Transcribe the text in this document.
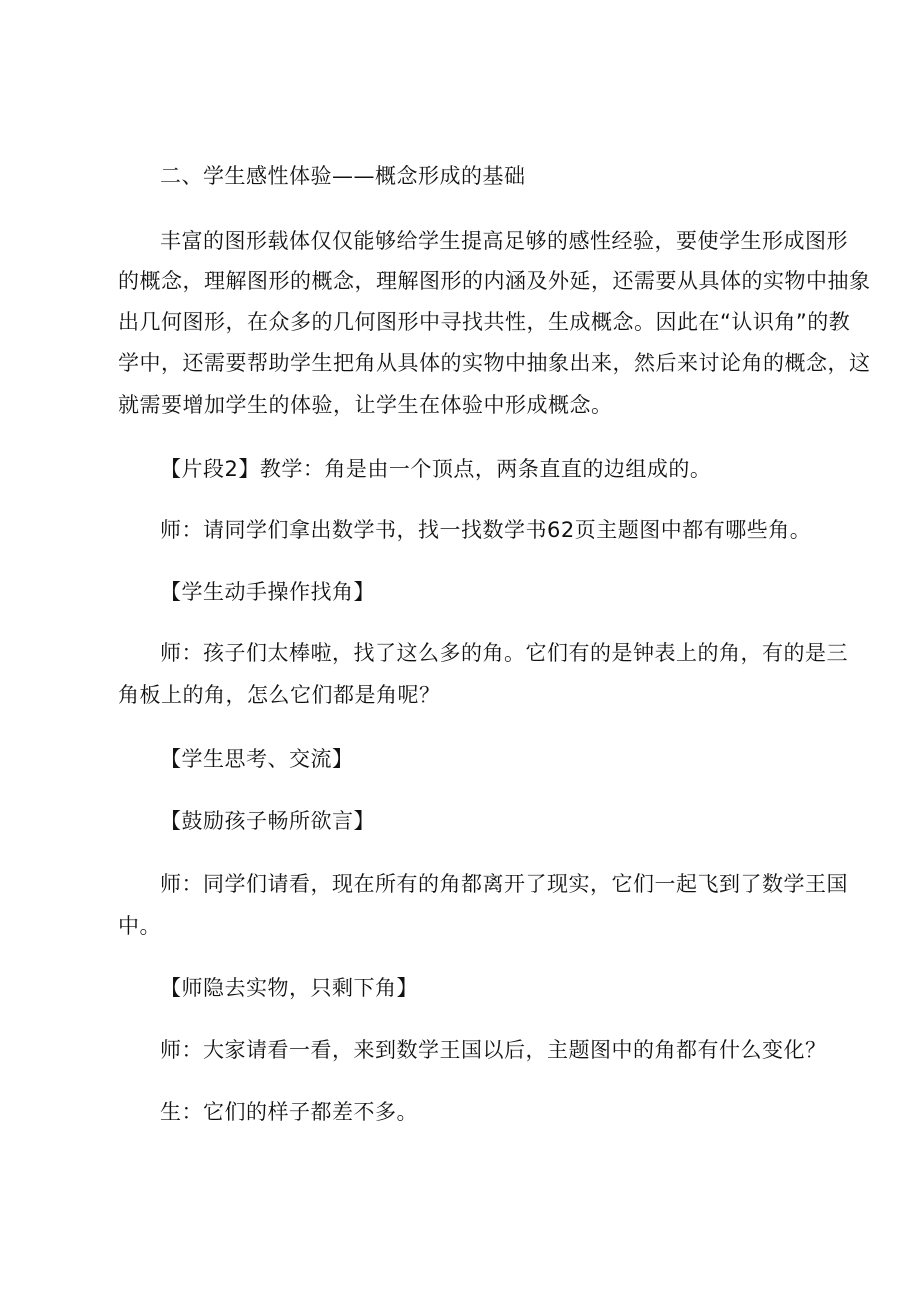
二、学生感性体验——概念形成的基础
丰富的图形载体仅仅能够给学生提高足够的感性经验，要使学生形成图形
的概念，理解图形的概念，理解图形的内涵及外延，还需要从具体的实物中抽象
出几何图形，在众多的几何图形中寻找共性，生成概念。因此在“认识角”的教
学中，还需要帮助学生把角从具体的实物中抽象出来，然后来讨论角的概念，这
就需要增加学生的体验，让学生在体验中形成概念。
【片段2】教学：角是由一个顶点，两条直直的边组成的。
师：请同学们拿出数学书，找一找数学书62页主题图中都有哪些角。
【学生动手操作找角】
师：孩子们太棒啦，找了这么多的角。它们有的是钟表上的角，有的是三
角板上的角，怎么它们都是角呢？
【学生思考、交流】
【鼓励孩子畅所欲言】
师：同学们请看，现在所有的角都离开了现实，它们一起飞到了数学王国
中。
【师隐去实物，只剩下角】
师：大家请看一看，来到数学王国以后，主题图中的角都有什么变化？
生：它们的样子都差不多。
